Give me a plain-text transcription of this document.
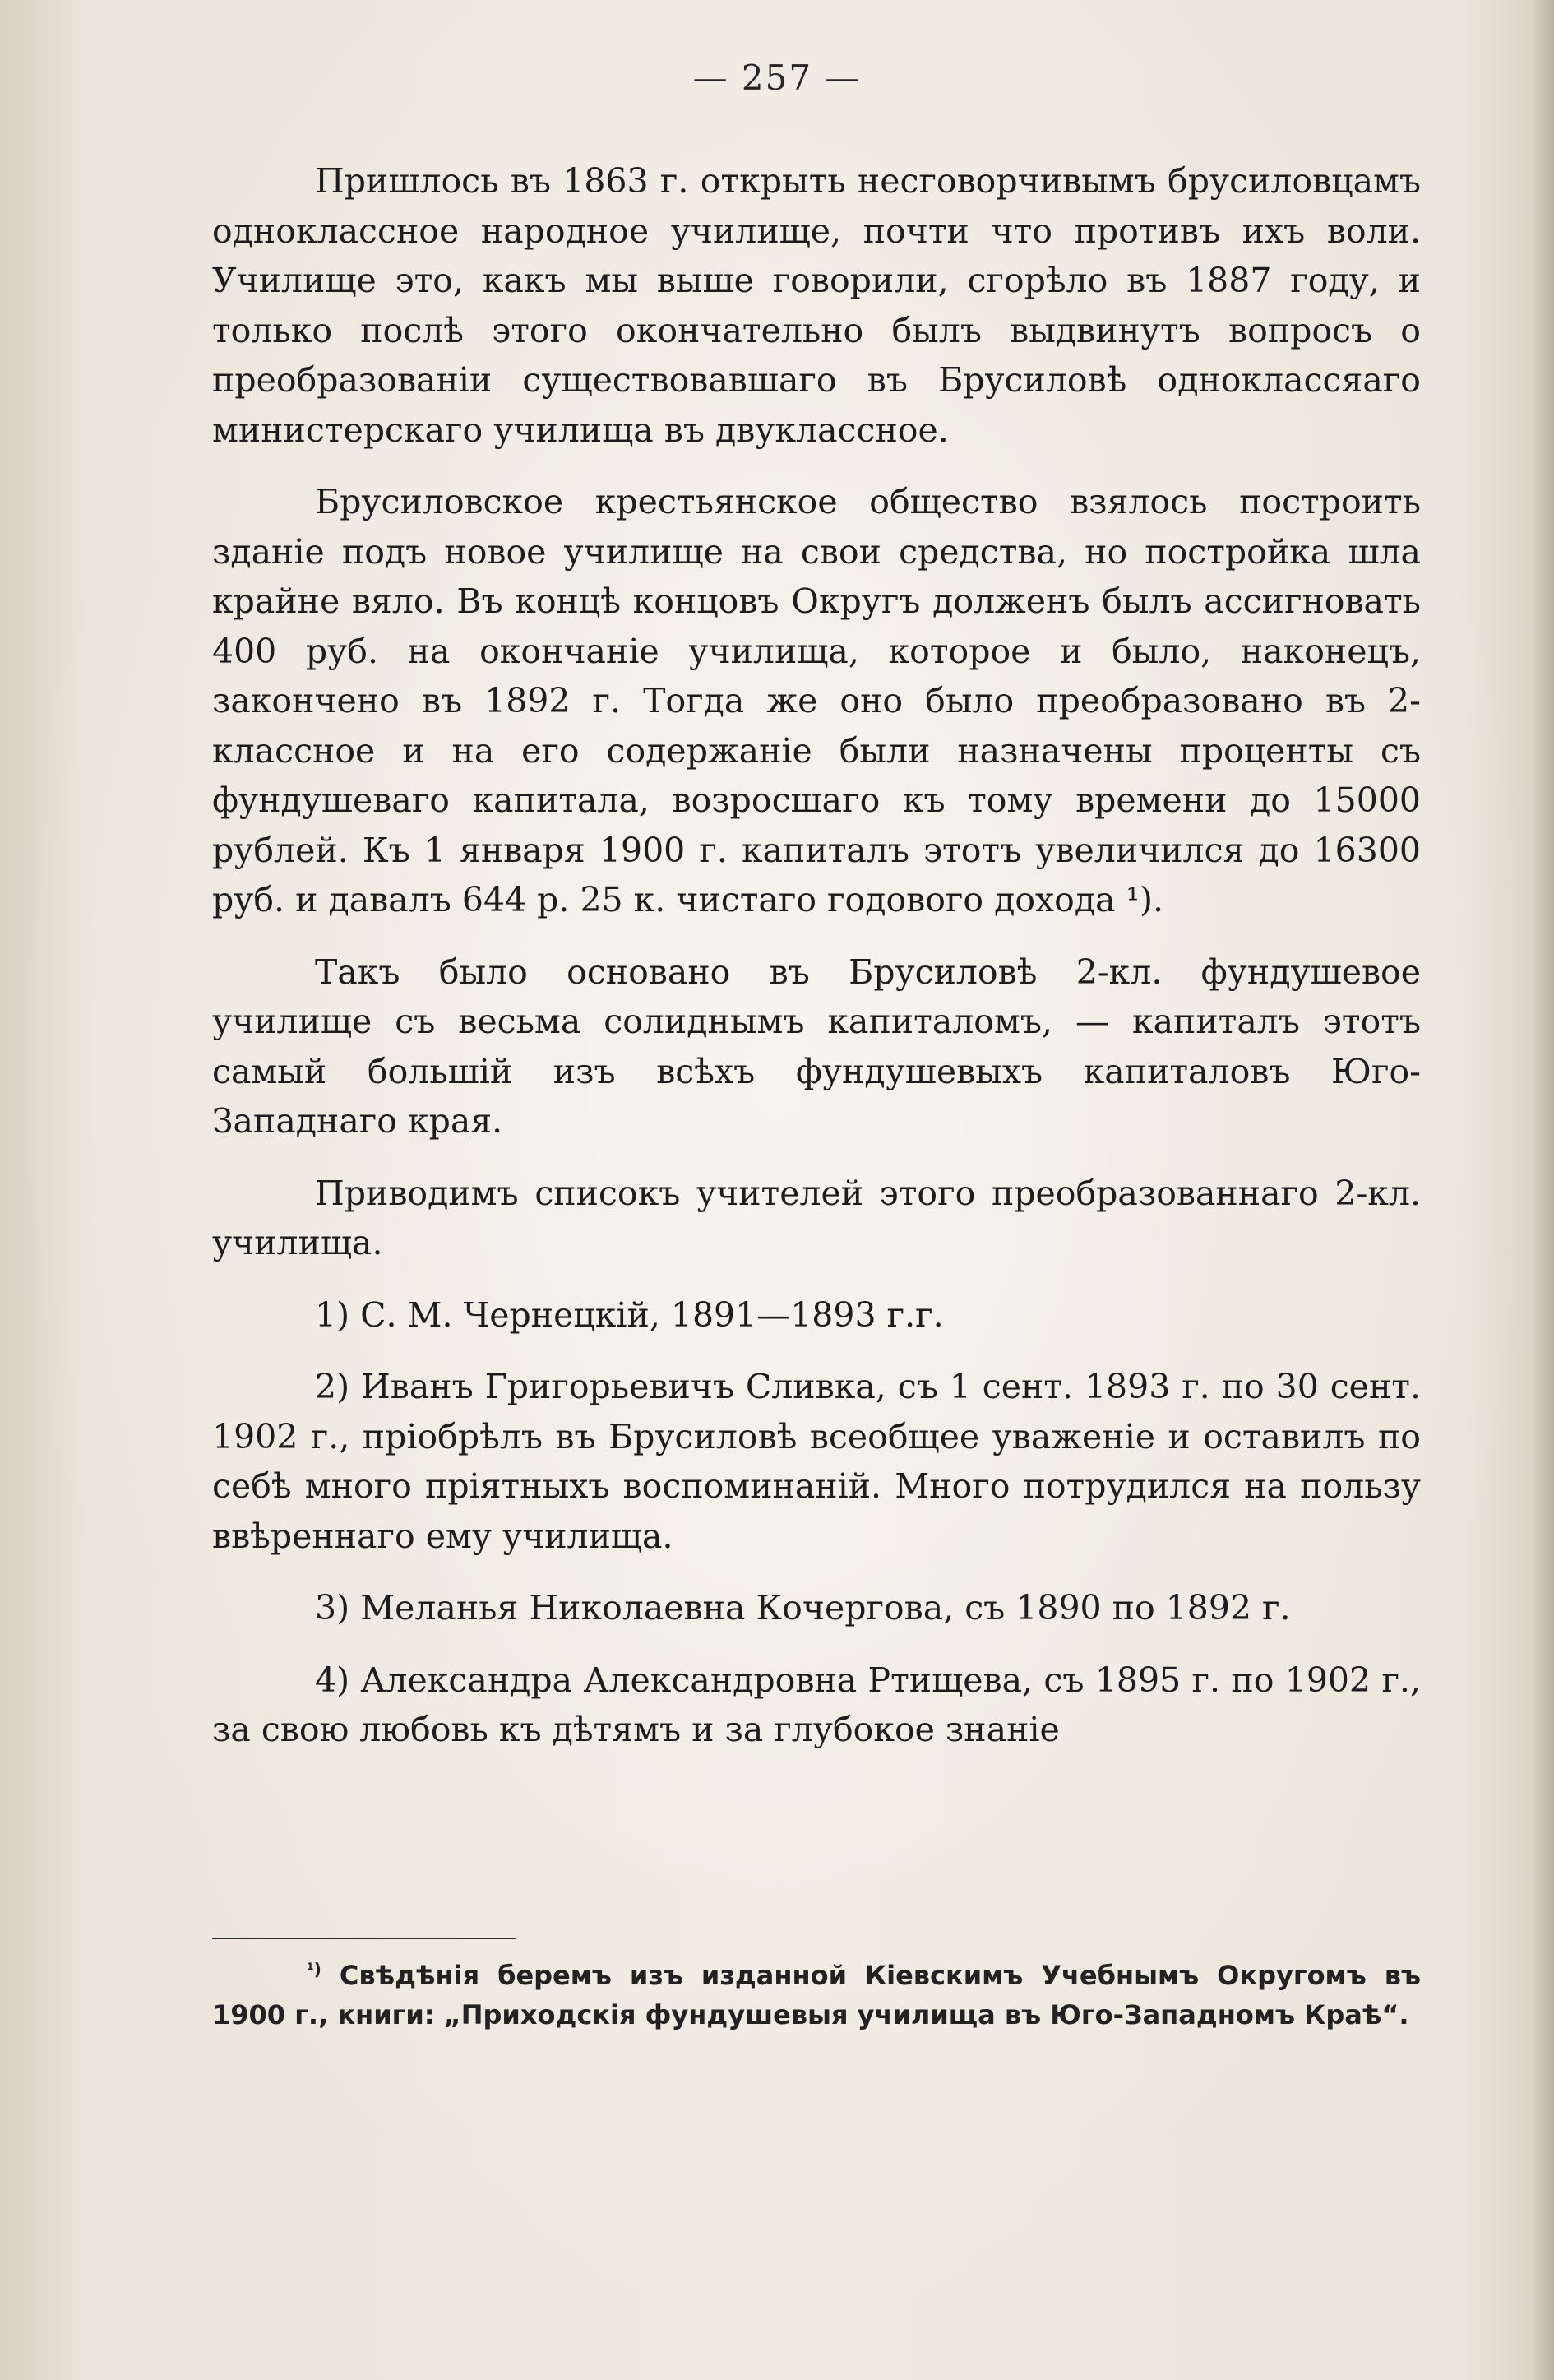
— 257 —

Пришлось въ 1863 г. открыть несговорчивымъ брусиловцамъ одноклассное народное училище, почти что противъ ихъ воли. Училище это, какъ мы выше говорили, сгорѣло въ 1887 году, и только послѣ этого окончательно былъ выдвинутъ вопросъ о преобразованіи существовавшаго въ Брусиловѣ одноклассяаго министерскаго училища въ двуклассное.

Брусиловское крестьянское общество взялось построить зданіе подъ новое училище на свои средства, но постройка шла крайне вяло. Въ концѣ концовъ Округъ долженъ былъ ассигновать 400 руб. на окончаніе училища, которое и было, наконецъ, закончено въ 1892 г. Тогда же оно было преобразовано въ 2-классное и на его содержаніе были назначены проценты съ фундушеваго капитала, возросшаго къ тому времени до 15000 рублей. Къ 1 января 1900 г. капиталъ этотъ увеличился до 16300 руб. и давалъ 644 р. 25 к. чистаго годового дохода ¹).

Такъ было основано въ Брусиловѣ 2-кл. фундушевое училище съ весьма солиднымъ капиталомъ, — капиталъ этотъ самый большій изъ всѣхъ фундушевыхъ капиталовъ Юго-Западнаго края.

Приводимъ списокъ учителей этого преобразованнаго 2-кл. училища.

1) С. М. Чернецкій, 1891—1893 г.г.

2) Иванъ Григорьевичъ Сливка, съ 1 сент. 1893 г. по 30 сент. 1902 г., пріобрѣлъ въ Брусиловѣ всеобщее уваженіе и оставилъ по себѣ много пріятныхъ воспоминаній. Много потрудился на пользу ввѣреннаго ему училища.

3) Меланья Николаевна Кочергова, съ 1890 по 1892 г.

4) Александра Александровна Ртищева, съ 1895 г. по 1902 г., за свою любовь къ дѣтямъ и за глубокое знаніе

$^{^1)}$ Свѣдѣнія беремъ изъ изданной Кіевскимъ Учебнымъ Округомъ въ 1900 г., книги: „Приходскія фундушевыя училища въ Юго-Западномъ Краѣ“.
